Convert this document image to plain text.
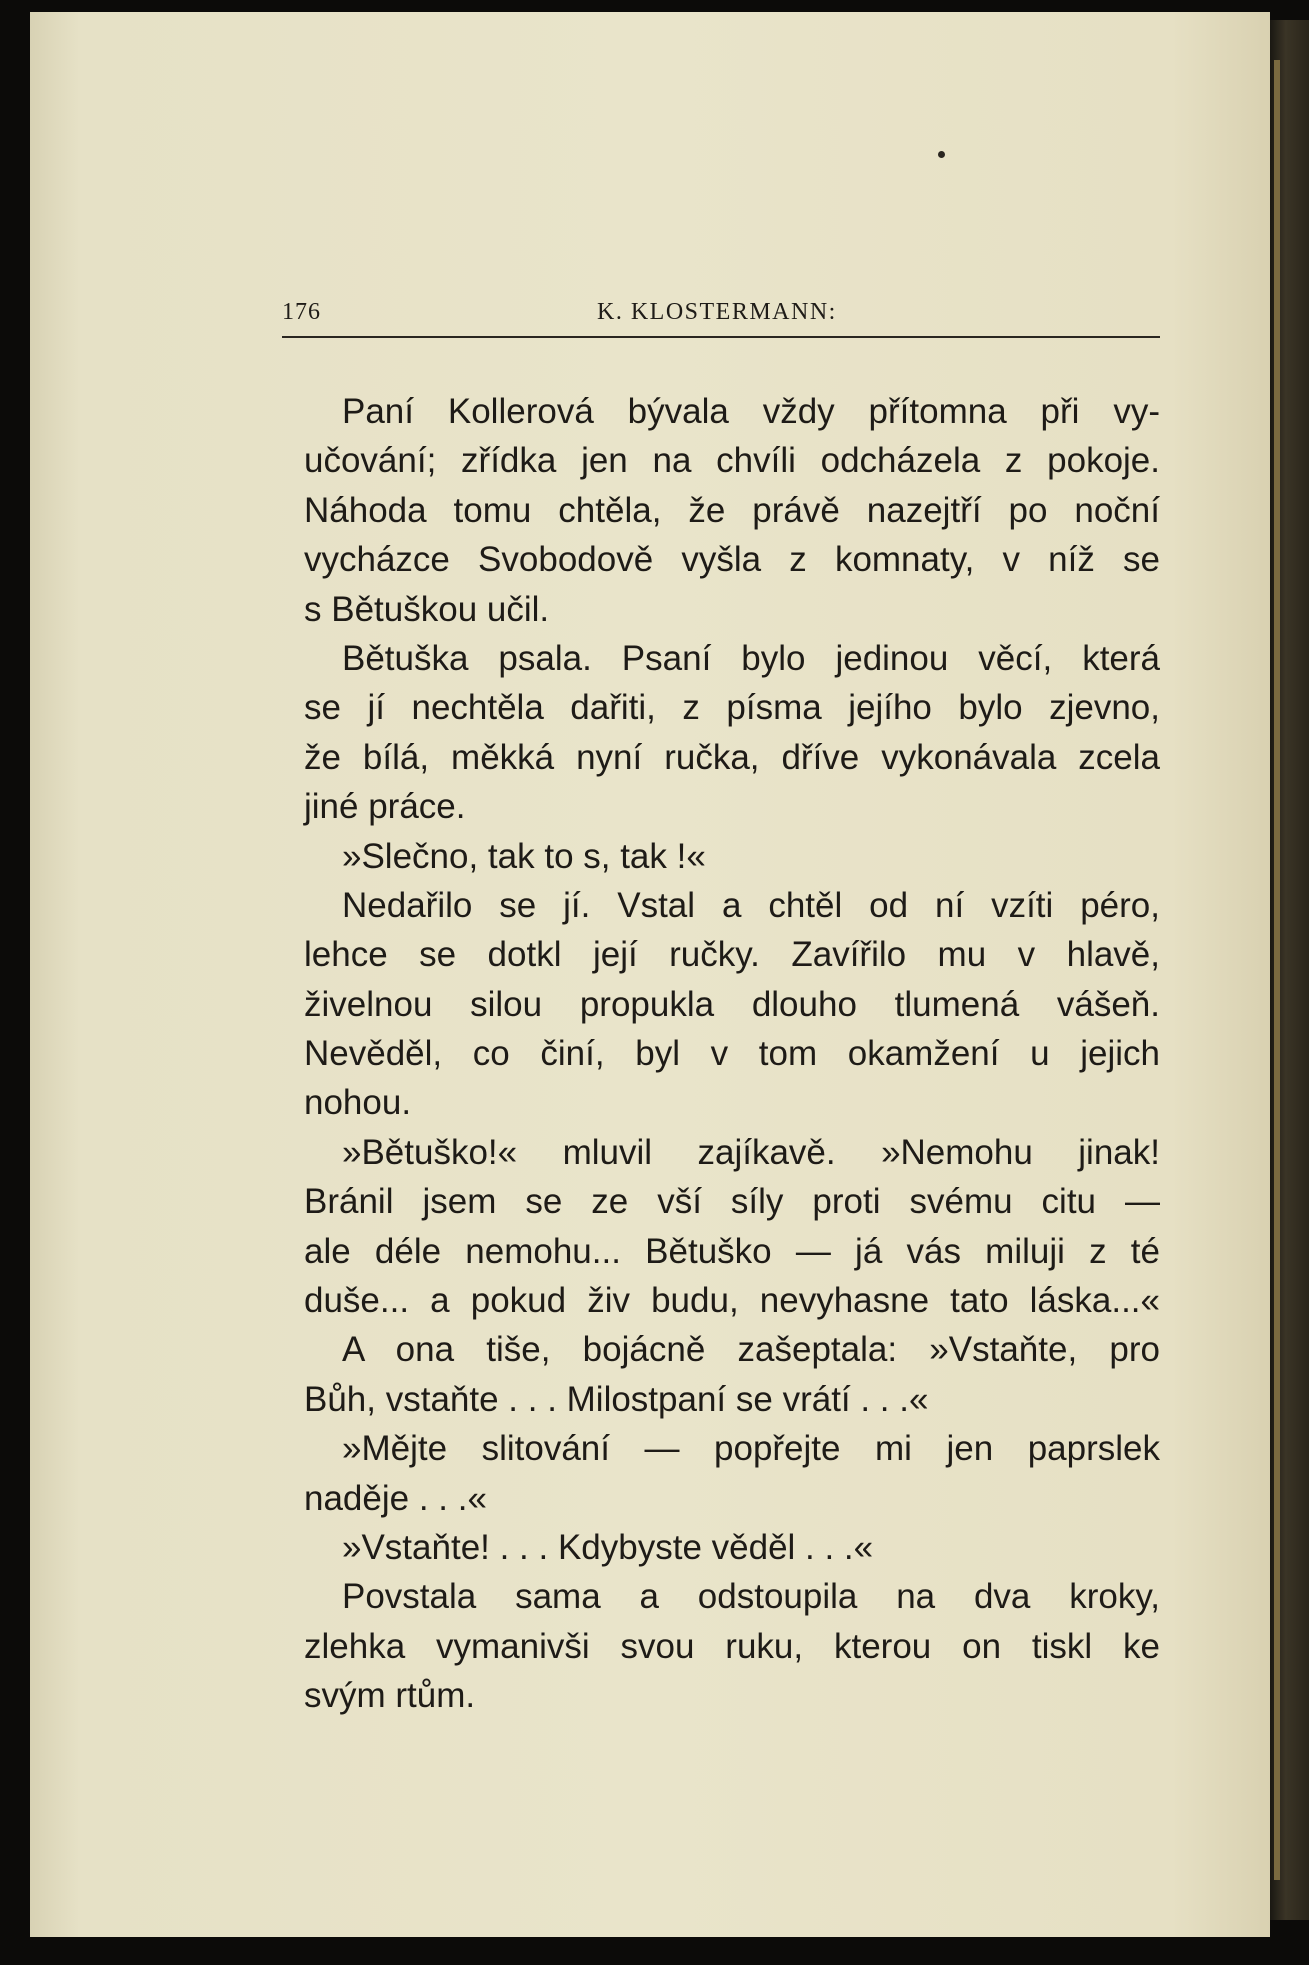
176	K. KLOSTERMANN:
Paní Kollerová bývala vždy přítomna při vy-
učování; zřídka jen na chvíli odcházela z pokoje.
Náhoda tomu chtěla, že právě nazejtří po noční
vycházce Svobodově vyšla z komnaty, v níž se
s Bětuškou učil.
Bětuška psala. Psaní bylo jedinou věcí, která
se jí nechtěla dařiti, z písma jejího bylo zjevno,
že bílá, měkká nyní ručka, dříve vykonávala zcela
jiné práce.
»Slečno, tak to s, tak !«
Nedařilo se jí. Vstal a chtěl od ní vzíti péro,
lehce se dotkl její ručky. Zavířilo mu v hlavě,
živelnou silou propukla dlouho tlumená vášeň.
Nevěděl, co činí, byl v tom okamžení u jejich
nohou.
»Bětuško!« mluvil zajíkavě. »Nemohu jinak!
Bránil jsem se ze vší síly proti svému citu —
ale déle nemohu... Bětuško — já vás miluji z té
duše... a pokud živ budu, nevyhasne tato láska...«
A ona tiše, bojácně zašeptala: »Vstaňte, pro
Bůh, vstaňte . . . Milostpaní se vrátí . . .«
»Mějte slitování — popřejte mi jen paprslek
naděje . . .«
»Vstaňte! . . . Kdybyste věděl . . .«
Povstala sama a odstoupila na dva kroky,
zlehka vymanivši svou ruku, kterou on tiskl ke
svým rtům.
